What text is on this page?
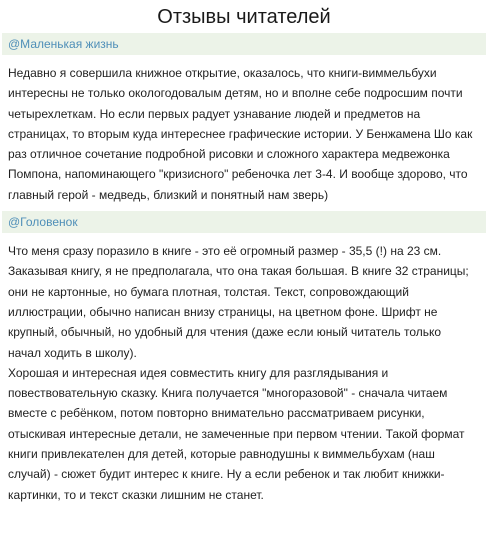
Отзывы читателей
@Маленькая жизнь

Недавно я совершила книжное открытие, оказалось, что книги-виммельбухи интересны не только окологодовалым детям, но и вполне себе подросшим почти четырехлеткам. Но если первых радует узнавание людей и предметов на страницах, то вторым куда интереснее графические истории. У Бенжамена Шо как раз отличное сочетание подробной рисовки и сложного характера медвежонка Помпона, напоминающего "кризисного" ребеночка лет 3-4. И вообще здорово, что главный герой - медведь, близкий и понятный нам зверь)

@Головенок

Что меня сразу поразило в книге - это её огромный размер - 35,5 (!) на 23 см. Заказывая книгу, я не предполагала, что она такая большая. В книге 32 страницы; они не картонные, но бумага плотная, толстая. Текст, сопровождающий иллюстрации, обычно написан внизу страницы, на цветном фоне. Шрифт не крупный, обычный, но удобный для чтения (даже если юный читатель только начал ходить в школу).

Хорошая и интересная идея совместить книгу для разглядывания и повествовательную сказку. Книга получается "многоразовой" - сначала читаем вместе с ребёнком, потом повторно внимательно рассматриваем рисунки, отыскивая интересные детали, не замеченные при первом чтении. Такой формат книги привлекателен для детей, которые равнодушны к виммельбухам (наш случай) - сюжет будит интерес к книге. Ну а если ребенок и так любит книжки-картинки, то и текст сказки лишним не станет.
